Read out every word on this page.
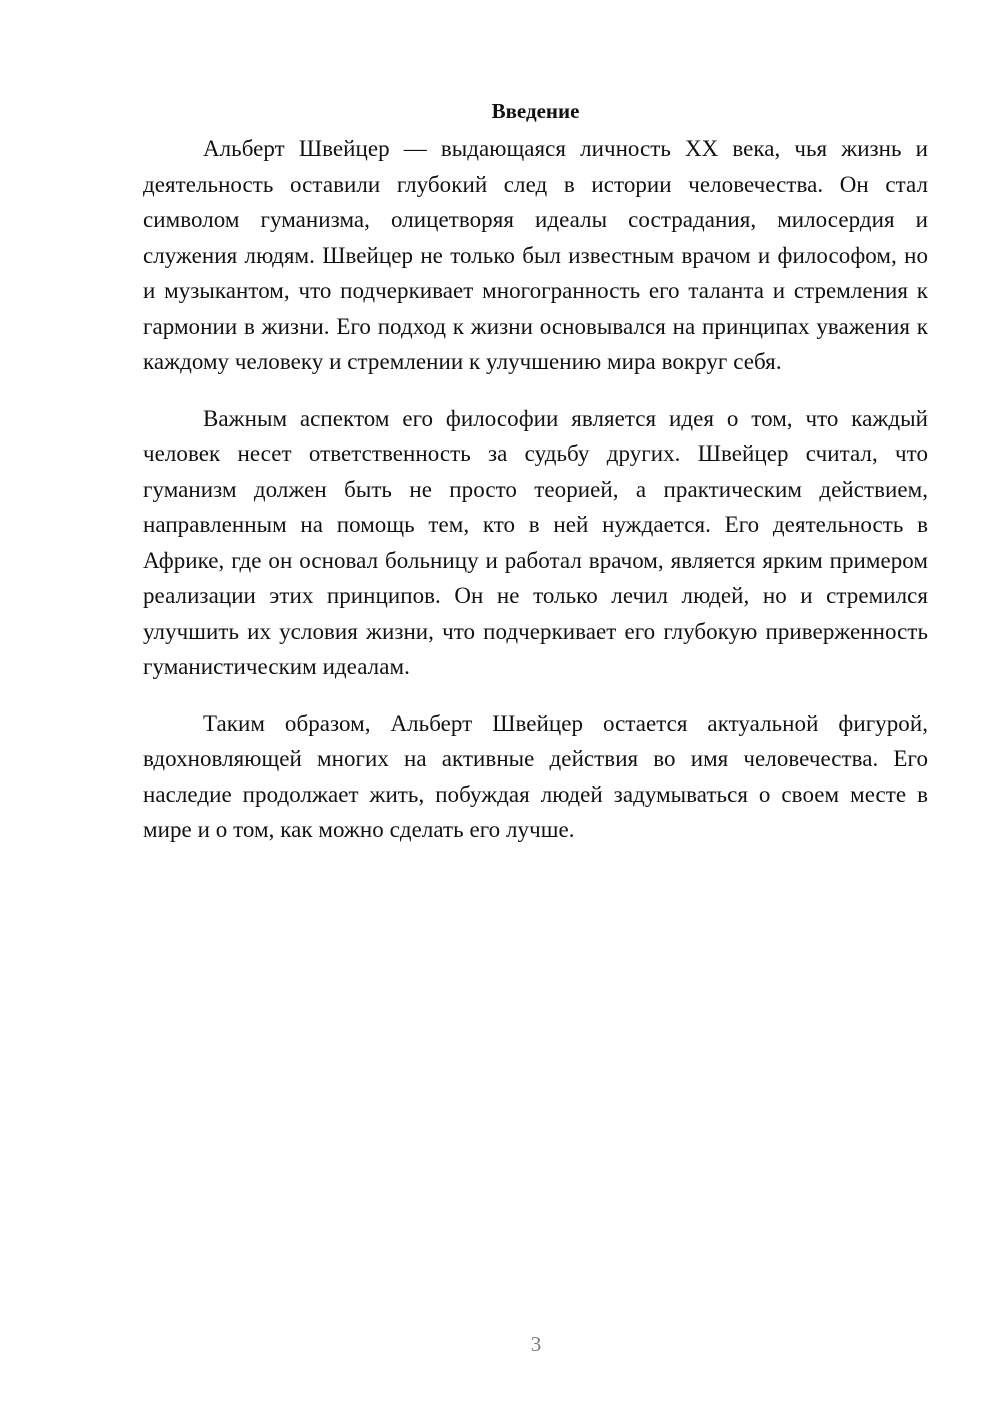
Введение

Альберт Швейцер — выдающаяся личность XX века, чья жизнь и деятельность оставили глубокий след в истории человечества. Он стал символом гуманизма, олицетворяя идеалы сострадания, милосердия и служения людям. Швейцер не только был известным врачом и философом, но и музыкантом, что подчеркивает многогранность его таланта и стремления к гармонии в жизни. Его подход к жизни основывался на принципах уважения к каждому человеку и стремлении к улучшению мира вокруг себя.

Важным аспектом его философии является идея о том, что каждый человек несет ответственность за судьбу других. Швейцер считал, что гуманизм должен быть не просто теорией, а практическим действием, направленным на помощь тем, кто в ней нуждается. Его деятельность в Африке, где он основал больницу и работал врачом, является ярким примером реализации этих принципов. Он не только лечил людей, но и стремился улучшить их условия жизни, что подчеркивает его глубокую приверженность гуманистическим идеалам.

Таким образом, Альберт Швейцер остается актуальной фигурой, вдохновляющей многих на активные действия во имя человечества. Его наследие продолжает жить, побуждая людей задумываться о своем месте в мире и о том, как можно сделать его лучше.

3
